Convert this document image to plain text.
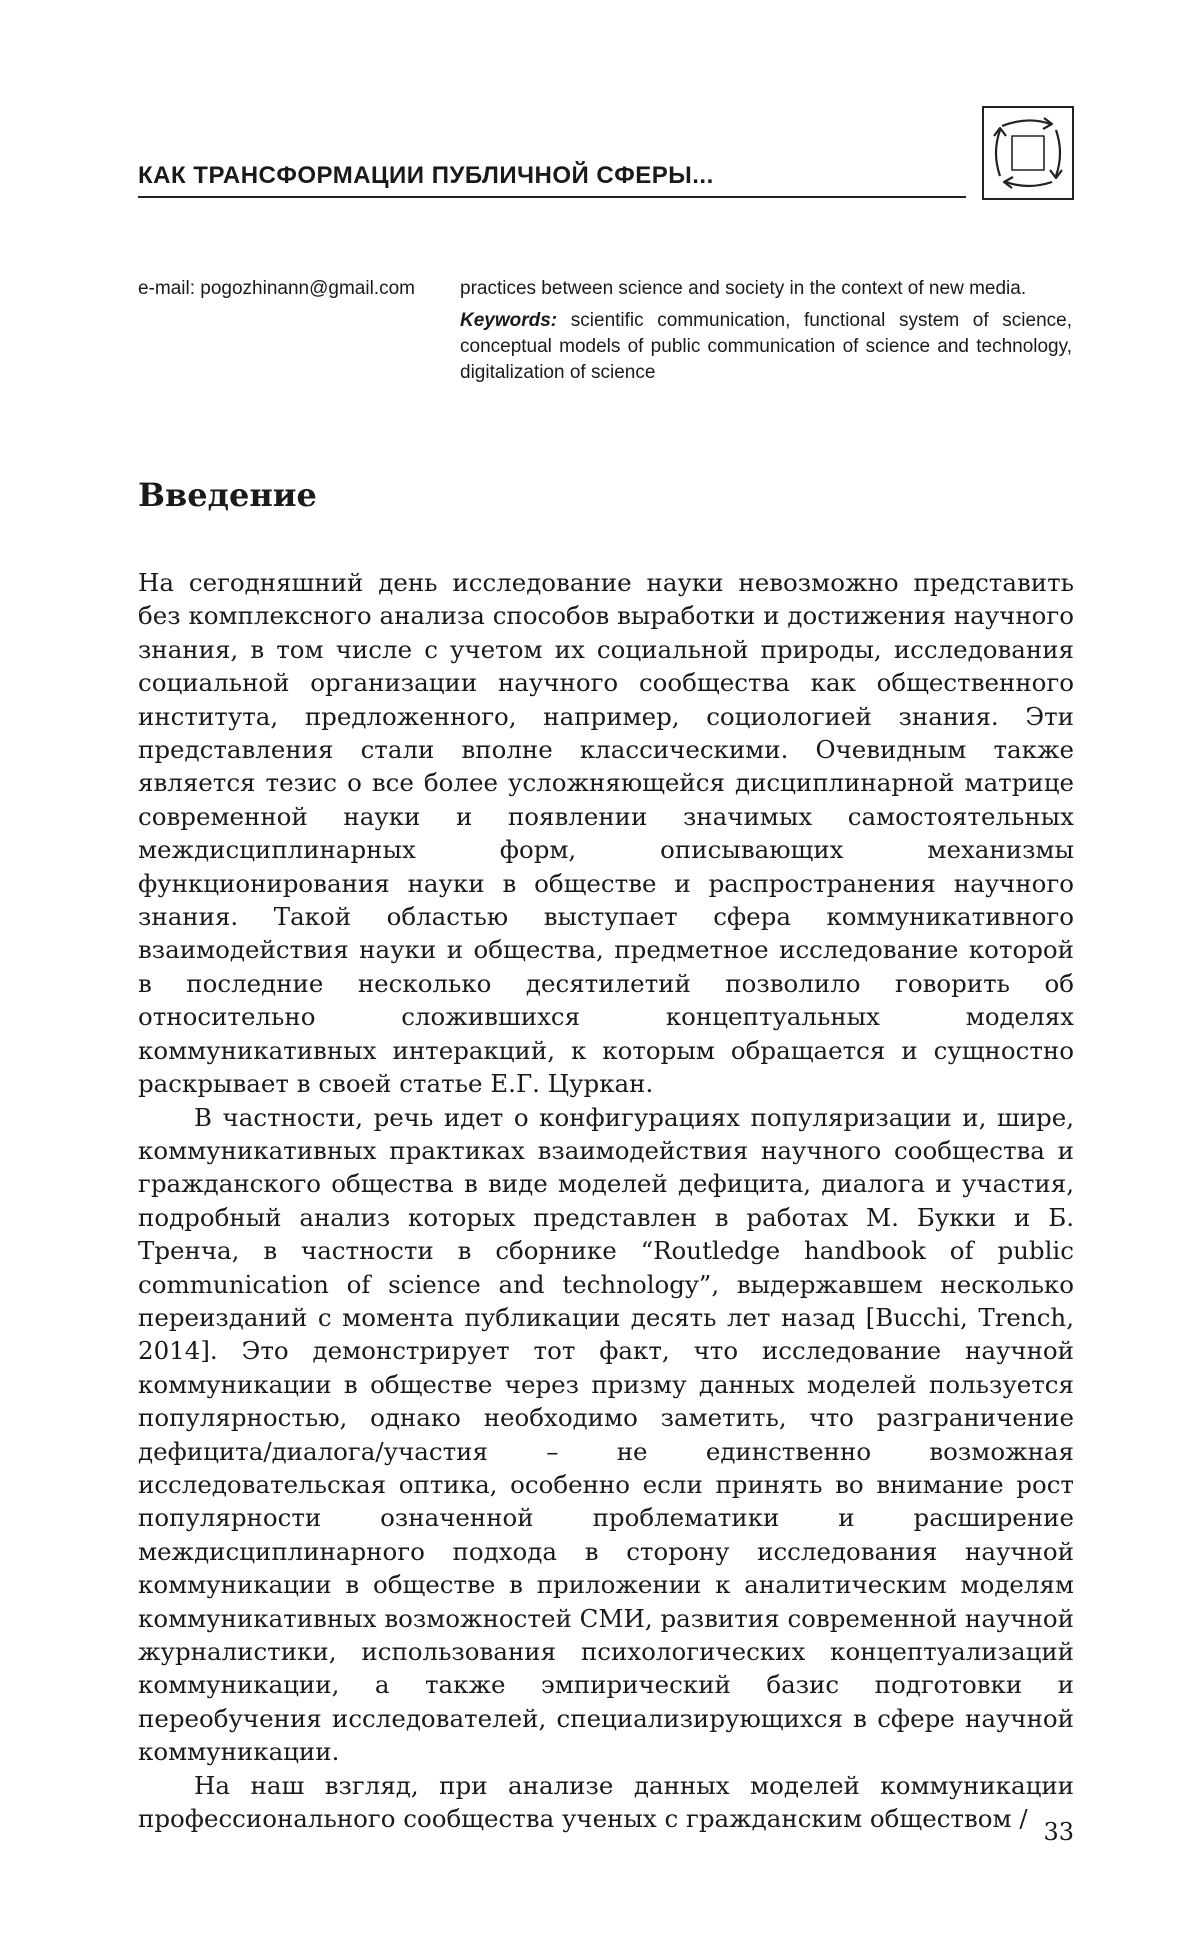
КАК ТРАНСФОРМАЦИИ ПУБЛИЧНОЙ СФЕРЫ...
e-mail: pogozhinann@gmail.com	practices between science and society in the context of new media.

Keywords: scientific communication, functional system of science, conceptual models of public communication of science and technology, digitalization of science

Введение

На сегодняшний день исследование науки невозможно представить без комплексного анализа способов выработки и достижения научного знания, в том числе с учетом их социальной природы, исследования социальной организации научного сообщества как общественного института, предложенного, например, социологией знания. Эти представления стали вполне классическими. Очевидным также является тезис о все более усложняющейся дисциплинарной матрице современной науки и появлении значимых самостоятельных междисциплинарных форм, описывающих механизмы функционирования науки в обществе и распространения научного знания. Такой областью выступает сфера коммуникативного взаимодействия науки и общества, предметное исследование которой в последние несколько десятилетий позволило говорить об относительно сложившихся концептуальных моделях коммуникативных интеракций, к которым обращается и сущностно раскрывает в своей статье Е.Г. Цуркан.

В частности, речь идет о конфигурациях популяризации и, шире, коммуникативных практиках взаимодействия научного сообщества и гражданского общества в виде моделей дефицита, диалога и участия, подробный анализ которых представлен в работах М. Букки и Б. Тренча, в частности в сборнике “Routledge handbook of public communication of science and technology”, выдержавшем несколько переизданий с момента публикации десять лет назад [Bucchi, Trench, 2014]. Это демонстрирует тот факт, что исследование научной коммуникации в обществе через призму данных моделей пользуется популярностью, однако необходимо заметить, что разграничение дефицита/диалога/участия – не единственно возможная исследовательская оптика, особенно если принять во внимание рост популярности означенной проблематики и расширение междисциплинарного подхода в сторону исследования научной коммуникации в обществе в приложении к аналитическим моделям коммуникативных возможностей СМИ, развития современной научной журналистики, использования психологических концептуализаций коммуникации, а также эмпирический базис подготовки и переобучения исследователей, специализирующихся в сфере научной коммуникации.

На наш взгляд, при анализе данных моделей коммуникации профессионального сообщества ученых с гражданским обществом / 33
